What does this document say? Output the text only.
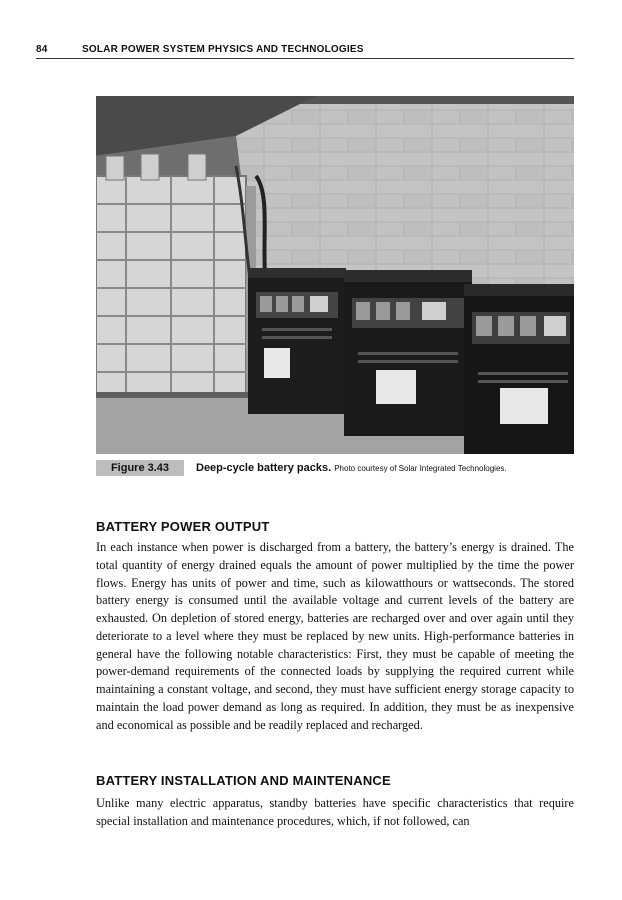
84	SOLAR POWER SYSTEM PHYSICS AND TECHNOLOGIES
Figure 3.43	Deep-cycle battery packs. Photo courtesy of Solar Integrated Technologies.
BATTERY POWER OUTPUT

In each instance when power is discharged from a battery, the battery’s energy is drained. The total quantity of energy drained equals the amount of power multiplied by the time the power flows. Energy has units of power and time, such as kilowatthours or wattseconds. The stored battery energy is consumed until the available voltage and current levels of the battery are exhausted. On depletion of stored energy, batteries are recharged over and over again until they deteriorate to a level where they must be replaced by new units. High-performance batteries in general have the following notable characteristics: First, they must be capable of meeting the power-demand requirements of the connected loads by supplying the required current while maintaining a constant voltage, and second, they must have sufficient energy storage capacity to maintain the load power demand as long as required. In addition, they must be as inexpensive and economical as possible and be readily replaced and recharged.

BATTERY INSTALLATION AND MAINTENANCE

Unlike many electric apparatus, standby batteries have specific characteristics that require special installation and maintenance procedures, which, if not followed, can
